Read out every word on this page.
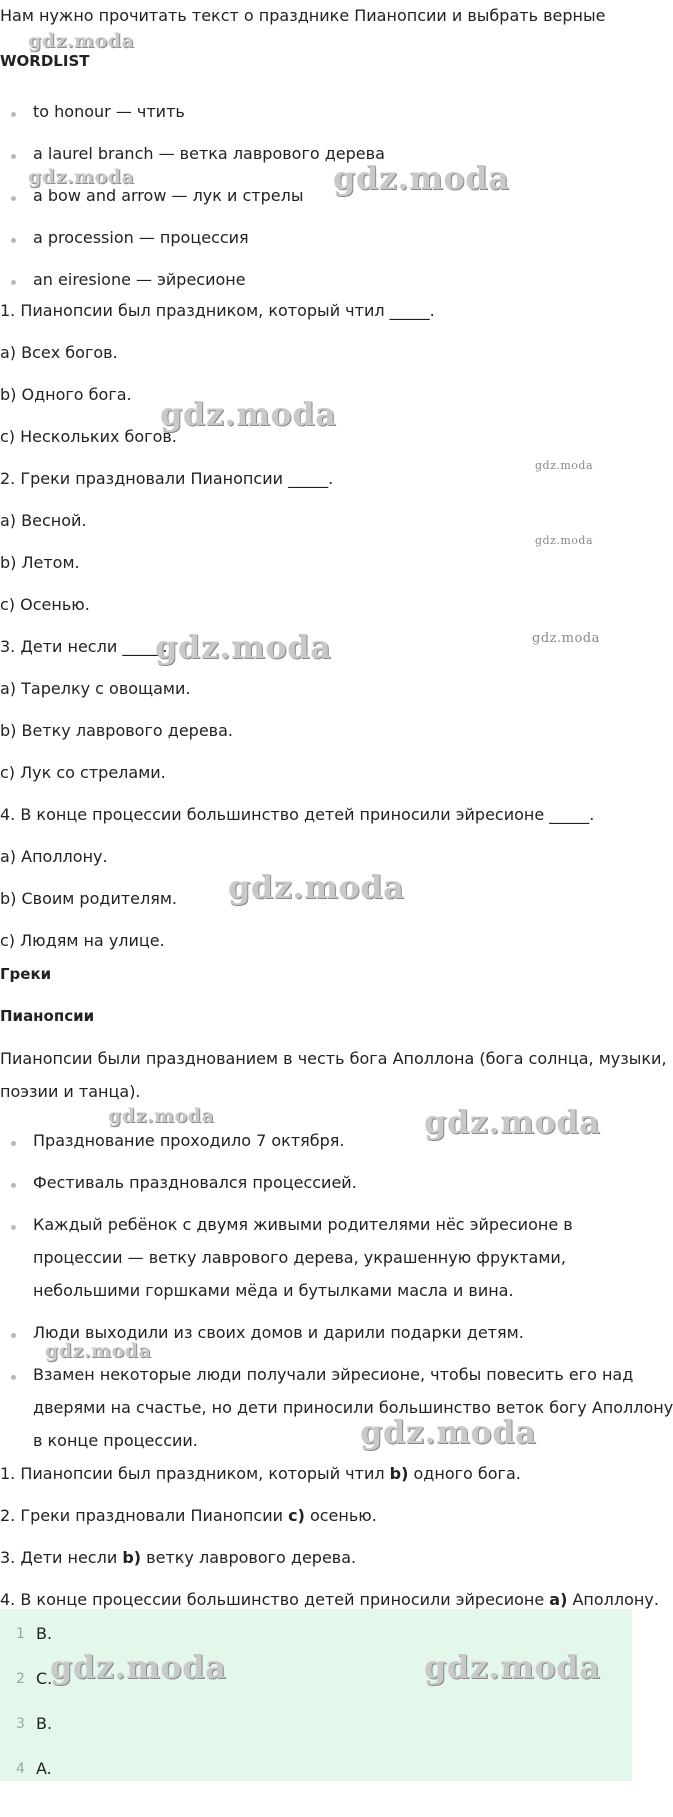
Нам нужно прочитать текст о празднике Пианопсии и выбрать верные
WORDLIST
to honour — чтить
a laurel branch — ветка лаврового дерева
a bow and arrow — лук и стрелы
a procession — процессия
an eiresione — эйресионе
1. Пианопсии был праздником, который чтил _____.
a) Всех богов.
b) Одного бога.
c) Нескольких богов.
2. Греки праздновали Пианопсии _____.
a) Весной.
b) Летом.
c) Осенью.
3. Дети несли _____.
a) Тарелку с овощами.
b) Ветку лаврового дерева.
c) Лук со стрелами.
4. В конце процессии большинство детей приносили эйресионе _____.
a) Аполлону.
b) Своим родителям.
c) Людям на улице.
Греки
Пианопсии
Пианопсии были празднованием в честь бога Аполлона (бога солнца, музыки,
поэзии и танца).
Празднование проходило 7 октября.
Фестиваль праздновался процессией.
Каждый ребёнок с двумя живыми родителями нёс эйресионе в
процессии — ветку лаврового дерева, украшенную фруктами,
небольшими горшками мёда и бутылками масла и вина.
Люди выходили из своих домов и дарили подарки детям.
Взамен некоторые люди получали эйресионе, чтобы повесить его над
дверями на счастье, но дети приносили большинство веток богу Аполлону
в конце процессии.
1. Пианопсии был праздником, который чтил b) одного бога.
2. Греки праздновали Пианопсии c) осенью.
3. Дети несли b) ветку лаврового дерева.
4. В конце процессии большинство детей приносили эйресионе a) Аполлону.
1 B.
2 C.
3 B.
4 A.
gdz.moda
gdz.moda	gdz.moda
gdz.moda
gdz.moda
gdz.moda
gdz.moda
gdz.moda
gdz.moda
gdz.moda	gdz.moda
gdz.moda
gdz.moda
gdz.moda	gdz.moda
